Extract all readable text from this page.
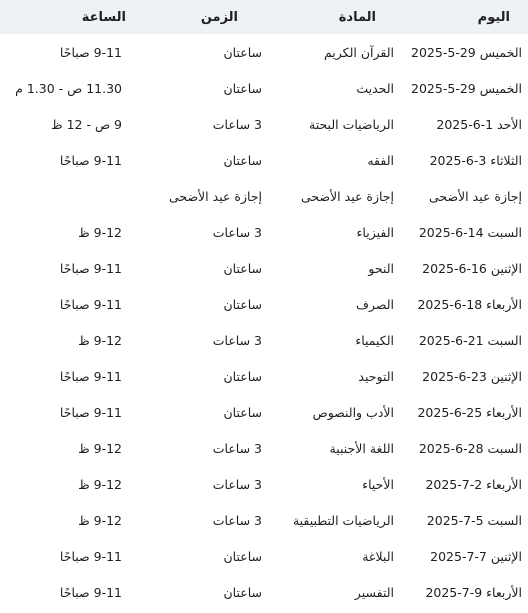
اليوم	المادة	الزمن	الساعة
الخميس 29-5-2025	القرآن الكريم	ساعتان	9-11 صباحًا
الخميس 29-5-2025	الحديث	ساعتان	11.30 ص - 1.30 م
الأحد 1-6-2025	الرياضيات البحتة	3 ساعات	9 ص - 12 ظ
الثلاثاء 3-6-2025	الفقه	ساعتان	9-11 صباحًا
إجازة عيد الأضحى	إجازة عيد الأضحى	إجازة عيد الأضحى	
السبت 14-6-2025	الفيزياء	3 ساعات	9-12 ظ
الإثنين 16-6-2025	النحو	ساعتان	9-11 صباحًا
الأربعاء 18-6-2025	الصرف	ساعتان	9-11 صباحًا
السبت 21-6-2025	الكيمياء	3 ساعات	9-12 ظ
الإثنين 23-6-2025	التوحيد	ساعتان	9-11 صباحًا
الأربعاء 25-6-2025	الأدب والنصوص	ساعتان	9-11 صباحًا
السبت 28-6-2025	اللغة الأجنبية	3 ساعات	9-12 ظ
الأربعاء 2-7-2025	الأحياء	3 ساعات	9-12 ظ
السبت 5-7-2025	الرياضيات التطبيقية	3 ساعات	9-12 ظ
الإثنين 7-7-2025	البلاغة	ساعتان	9-11 صباحًا
الأربعاء 9-7-2025	التفسير	ساعتان	9-11 صباحًا
